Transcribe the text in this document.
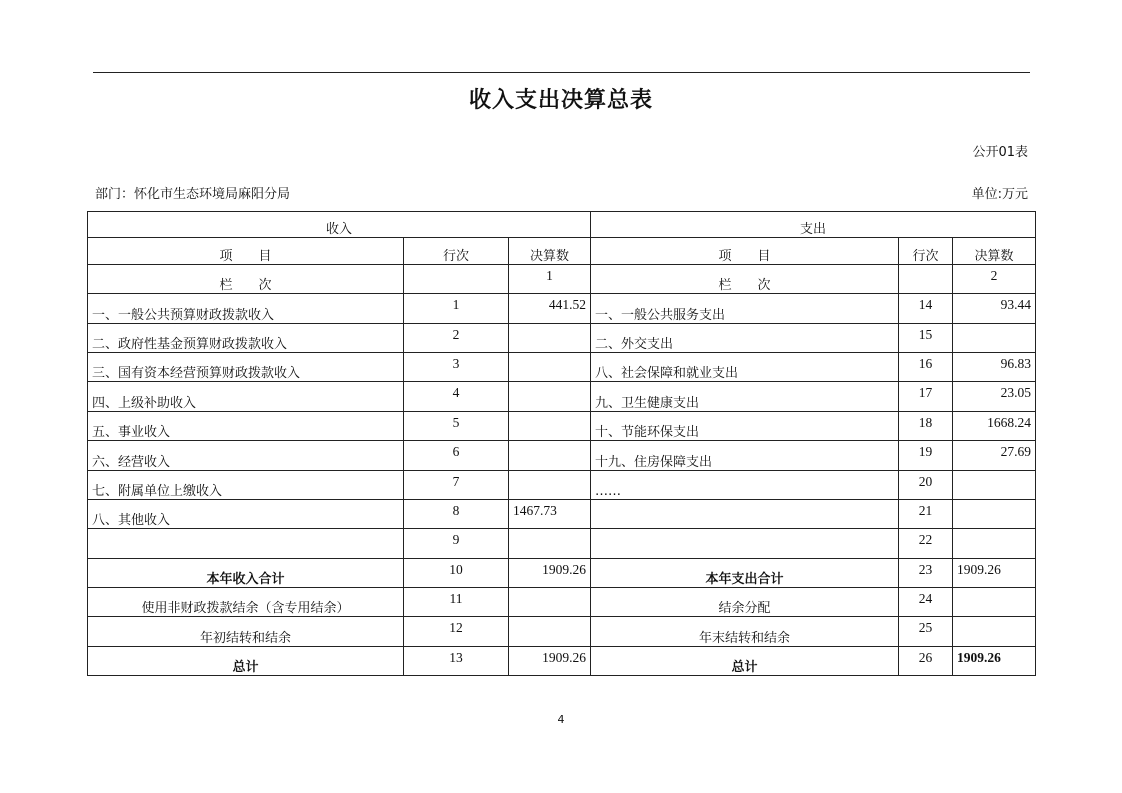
收入支出决算总表
公开01表
部门：怀化市生态环境局麻阳分局	单位:万元
收入			支出		
项　　目	行次	决算数	项　　目	行次	决算数
栏　　次		1	栏　　次		2
一、一般公共预算财政拨款收入	1	441.52	一、一般公共服务支出	14	93.44
二、政府性基金预算财政拨款收入	2		二、外交支出	15	
三、国有资本经营预算财政拨款收入	3		八、社会保障和就业支出	16	96.83
四、上级补助收入	4		九、卫生健康支出	17	23.05
五、事业收入	5		十、节能环保支出	18	1668.24
六、经营收入	6		十九、住房保障支出	19	27.69
七、附属单位上缴收入	7		……	20	
八、其他收入	8	1467.73		21	
	9			22	
本年收入合计	10	1909.26	本年支出合计	23	1909.26
使用非财政拨款结余（含专用结余）	11		结余分配	24	
年初结转和结余	12		年末结转和结余	25	
总计	13	1909.26	总计	26	1909.26
4
